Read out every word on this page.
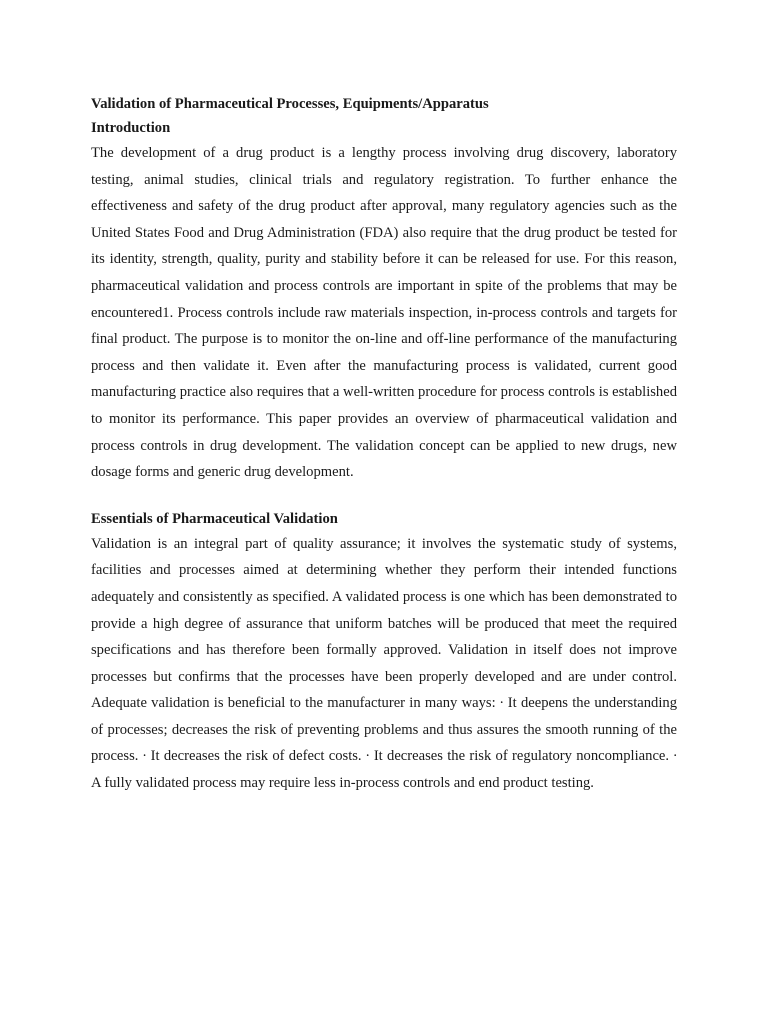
Validation of Pharmaceutical Processes, Equipments/Apparatus

Introduction

The development of a drug product is a lengthy process involving drug discovery, laboratory testing, animal studies, clinical trials and regulatory registration. To further enhance the effectiveness and safety of the drug product after approval, many regulatory agencies such as the United States Food and Drug Administration (FDA) also require that the drug product be tested for its identity, strength, quality, purity and stability before it can be released for use. For this reason, pharmaceutical validation and process controls are important in spite of the problems that may be encountered1. Process controls include raw materials inspection, in-process controls and targets for final product. The purpose is to monitor the on-line and off-line performance of the manufacturing process and then validate it. Even after the manufacturing process is validated, current good manufacturing practice also requires that a well-written procedure for process controls is established to monitor its performance. This paper provides an overview of pharmaceutical validation and process controls in drug development. The validation concept can be applied to new drugs, new dosage forms and generic drug development.

Essentials of Pharmaceutical Validation

Validation is an integral part of quality assurance; it involves the systematic study of systems, facilities and processes aimed at determining whether they perform their intended functions adequately and consistently as specified. A validated process is one which has been demonstrated to provide a high degree of assurance that uniform batches will be produced that meet the required specifications and has therefore been formally approved. Validation in itself does not improve processes but confirms that the processes have been properly developed and are under control. Adequate validation is beneficial to the manufacturer in many ways: ∙ It deepens the understanding of processes; decreases the risk of preventing problems and thus assures the smooth running of the process. ∙ It decreases the risk of defect costs. ∙ It decreases the risk of regulatory noncompliance. ∙ A fully validated process may require less in-process controls and end product testing.
